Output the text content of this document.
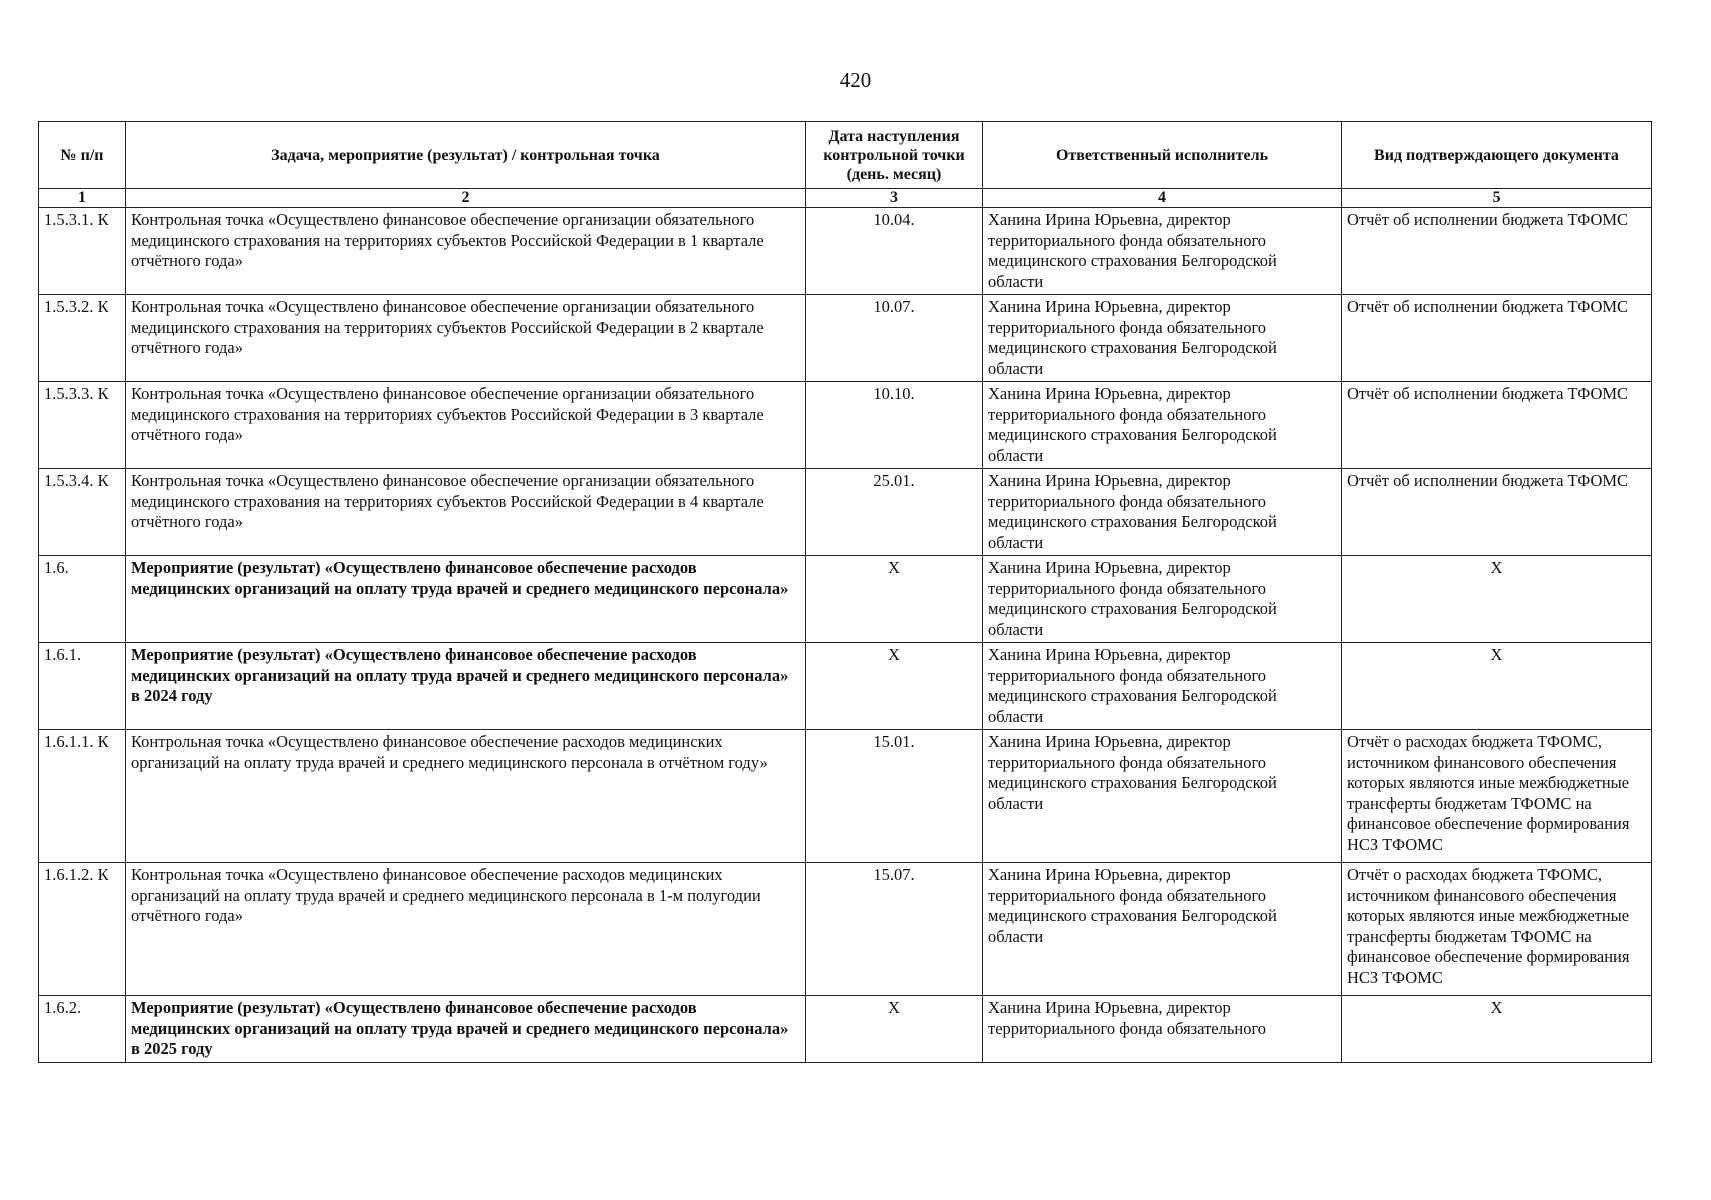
420
№ п/п	Задача, мероприятие (результат) / контрольная точка	Дата наступления контрольной точки (день. месяц)	Ответственный исполнитель	Вид подтверждающего документа
1	2	3	4	5
1.5.3.1. К	Контрольная точка «Осуществлено финансовое обеспечение организации обязательного медицинского страхования на территориях субъектов Российской Федерации в 1 квартале отчётного года»	10.04.	Ханина Ирина Юрьевна, директор территориального фонда обязательного медицинского страхования Белгородской области	Отчёт об исполнении бюджета ТФОМС
1.5.3.2. К	Контрольная точка «Осуществлено финансовое обеспечение организации обязательного медицинского страхования на территориях субъектов Российской Федерации в 2 квартале отчётного года»	10.07.	Ханина Ирина Юрьевна, директор территориального фонда обязательного медицинского страхования Белгородской области	Отчёт об исполнении бюджета ТФОМС
1.5.3.3. К	Контрольная точка «Осуществлено финансовое обеспечение организации обязательного медицинского страхования на территориях субъектов Российской Федерации в 3 квартале отчётного года»	10.10.	Ханина Ирина Юрьевна, директор территориального фонда обязательного медицинского страхования Белгородской области	Отчёт об исполнении бюджета ТФОМС
1.5.3.4. К	Контрольная точка «Осуществлено финансовое обеспечение организации обязательного медицинского страхования на территориях субъектов Российской Федерации в 4 квартале отчётного года»	25.01.	Ханина Ирина Юрьевна, директор территориального фонда обязательного медицинского страхования Белгородской области	Отчёт об исполнении бюджета ТФОМС
1.6.	Мероприятие (результат) «Осуществлено финансовое обеспечение расходов медицинских организаций на оплату труда врачей и среднего медицинского персонала»	X	Ханина Ирина Юрьевна, директор территориального фонда обязательного медицинского страхования Белгородской области	X
1.6.1.	Мероприятие (результат) «Осуществлено финансовое обеспечение расходов медицинских организаций на оплату труда врачей и среднего медицинского персонала» в 2024 году	X	Ханина Ирина Юрьевна, директор территориального фонда обязательного медицинского страхования Белгородской области	X
1.6.1.1. К	Контрольная точка «Осуществлено финансовое обеспечение расходов медицинских организаций на оплату труда врачей и среднего медицинского персонала в отчётном году»	15.01.	Ханина Ирина Юрьевна, директор территориального фонда обязательного медицинского страхования Белгородской области	Отчёт о расходах бюджета ТФОМС, источником финансового обеспечения которых являются иные межбюджетные трансферты бюджетам ТФОМС на финансовое обеспечение формирования НСЗ ТФОМС
1.6.1.2. К	Контрольная точка «Осуществлено финансовое обеспечение расходов медицинских организаций на оплату труда врачей и среднего медицинского персонала в 1-м полугодии отчётного года»	15.07.	Ханина Ирина Юрьевна, директор территориального фонда обязательного медицинского страхования Белгородской области	Отчёт о расходах бюджета ТФОМС, источником финансового обеспечения которых являются иные межбюджетные трансферты бюджетам ТФОМС на финансовое обеспечение формирования НСЗ ТФОМС
1.6.2.	Мероприятие (результат) «Осуществлено финансовое обеспечение расходов медицинских организаций на оплату труда врачей и среднего медицинского персонала» в 2025 году	X	Ханина Ирина Юрьевна, директор территориального фонда обязательного	X
